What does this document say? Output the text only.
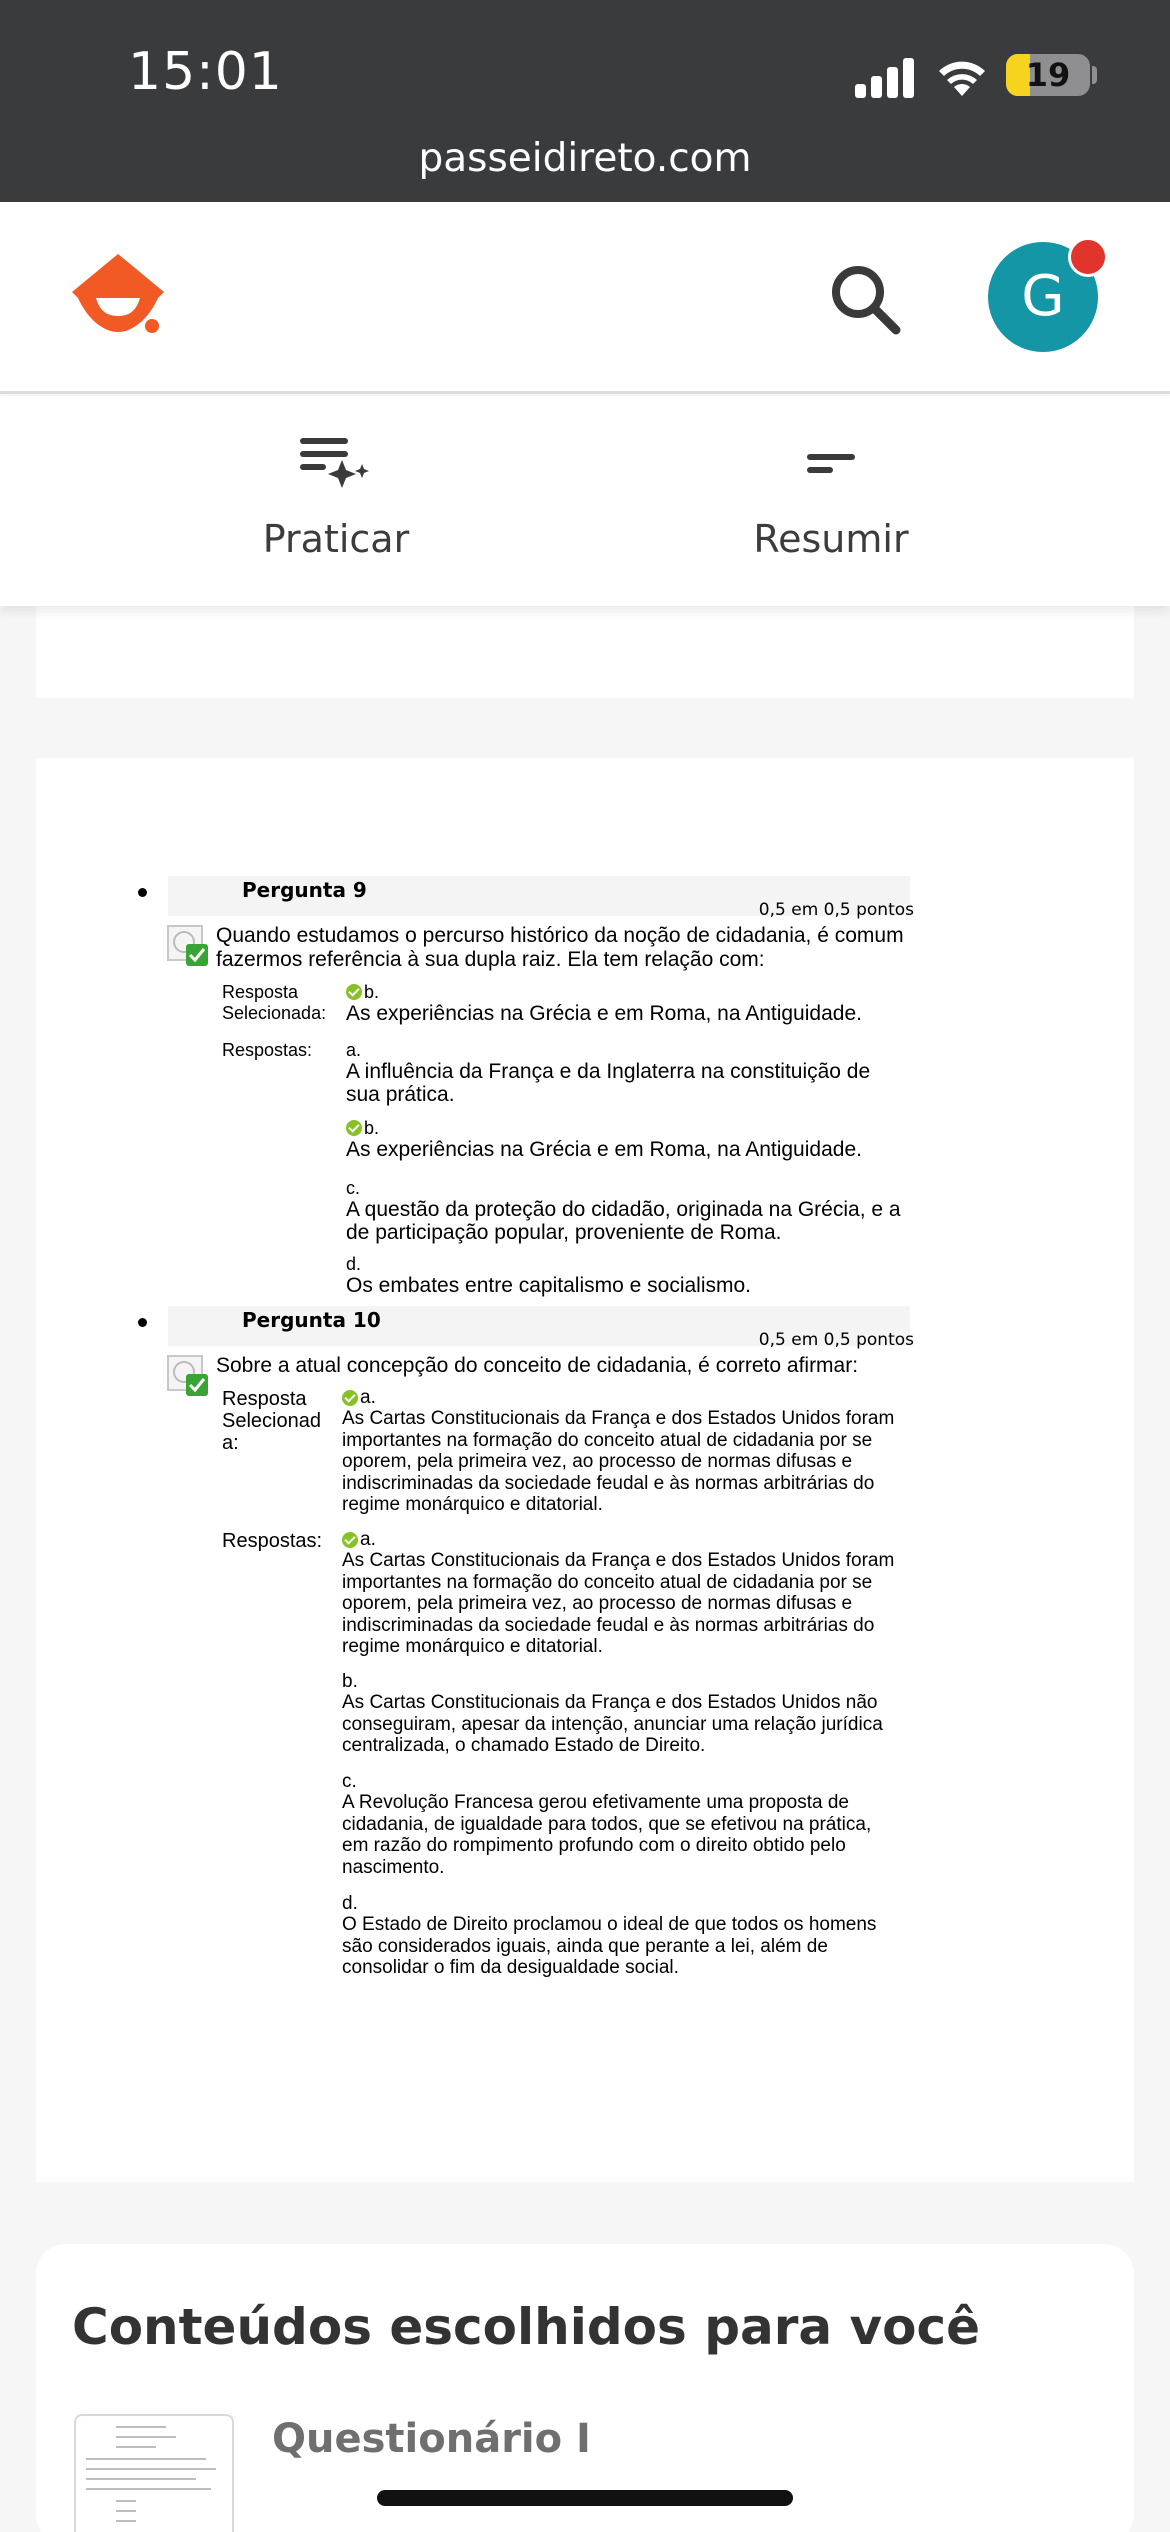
15:01	19
passeidireto.com
G
Praticar	Resumir
Pergunta 9
0,5 em 0,5 pontos
Quando estudamos o percurso histórico da noção de cidadania, é comum fazermos referência à sua dupla raiz. Ela tem relação com:
Resposta Selecionada:
b.
As experiências na Grécia e em Roma, na Antiguidade.
Respostas:	a.
A influência da França e da Inglaterra na constituição de sua prática.
b.
As experiências na Grécia e em Roma, na Antiguidade.
c.
A questão da proteção do cidadão, originada na Grécia, e a de participação popular, proveniente de Roma.
d.
Os embates entre capitalismo e socialismo.
Pergunta 10
0,5 em 0,5 pontos
Sobre a atual concepção do conceito de cidadania, é correto afirmar:
Resposta Selecionad a:
a.
As Cartas Constitucionais da França e dos Estados Unidos foram importantes na formação do conceito atual de cidadania por se oporem, pela primeira vez, ao processo de normas difusas e indiscriminadas da sociedade feudal e às normas arbitrárias do regime monárquico e ditatorial.
Respostas:	a.
As Cartas Constitucionais da França e dos Estados Unidos foram importantes na formação do conceito atual de cidadania por se oporem, pela primeira vez, ao processo de normas difusas e indiscriminadas da sociedade feudal e às normas arbitrárias do regime monárquico e ditatorial.
b.
As Cartas Constitucionais da França e dos Estados Unidos não conseguiram, apesar da intenção, anunciar uma relação jurídica centralizada, o chamado Estado de Direito.
c.
A Revolução Francesa gerou efetivamente uma proposta de cidadania, de igualdade para todos, que se efetivou na prática, em razão do rompimento profundo com o direito obtido pelo nascimento.
d.
O Estado de Direito proclamou o ideal de que todos os homens são considerados iguais, ainda que perante a lei, além de consolidar o fim da desigualdade social.
Conteúdos escolhidos para você
Questionário I
